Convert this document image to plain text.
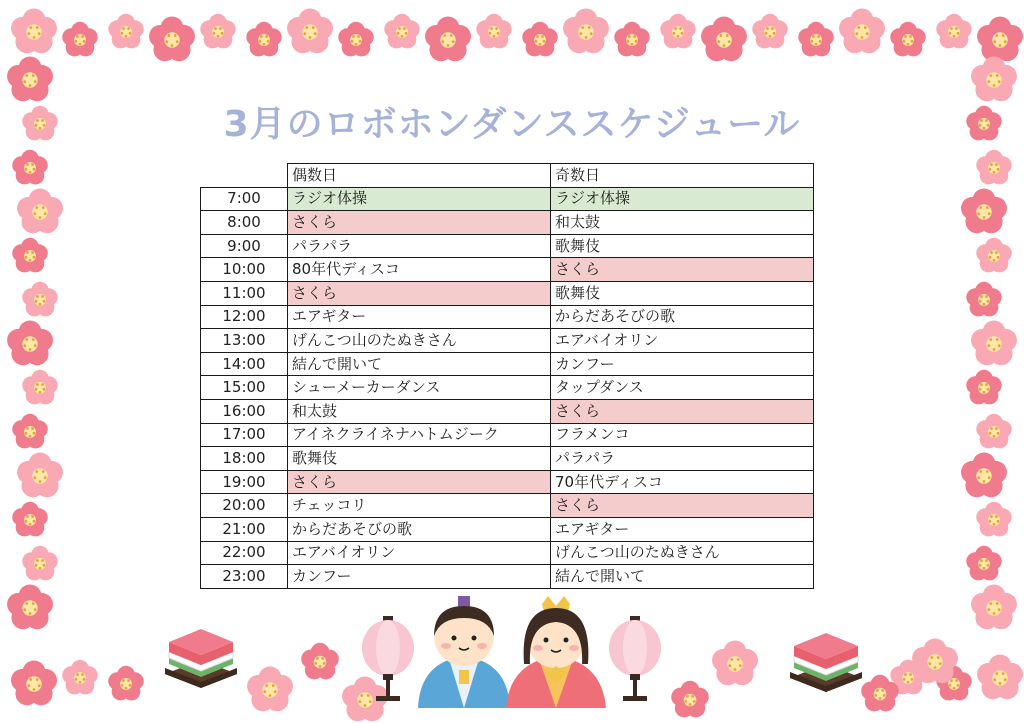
3月のロボホンダンススケジュール
	偶数日	奇数日
7:00	ラジオ体操	ラジオ体操
8:00	さくら	和太鼓
9:00	パラパラ	歌舞伎
10:00	80年代ディスコ	さくら
11:00	さくら	歌舞伎
12:00	エアギター	からだあそびの歌
13:00	げんこつ山のたぬきさん	エアバイオリン
14:00	結んで開いて	カンフー
15:00	シューメーカーダンス	タップダンス
16:00	和太鼓	さくら
17:00	アイネクライネナハトムジーク	フラメンコ
18:00	歌舞伎	パラパラ
19:00	さくら	70年代ディスコ
20:00	チェッコリ	さくら
21:00	からだあそびの歌	エアギター
22:00	エアバイオリン	げんこつ山のたぬきさん
23:00	カンフー	結んで開いて
